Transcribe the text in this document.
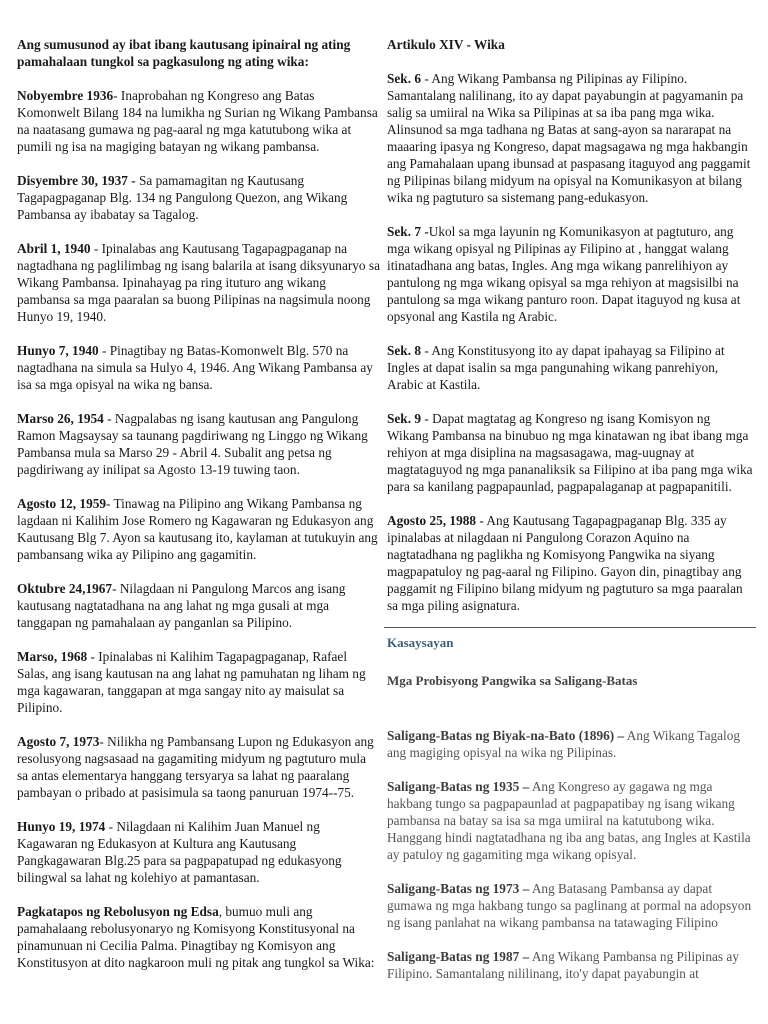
Ang sumusunod ay ibat ibang kautusang ipinairal ng ating pamahalaan tungkol sa pagkasulong ng ating wika:
Nobyembre 1936- Inaprobahan ng Kongreso ang Batas Komonwelt Bilang 184 na lumikha ng Surian ng Wikang Pambansa na naatasang gumawa ng pag-aaral ng mga katutubong wika at pumili ng isa na magiging batayan ng wikang pambansa.
Disyembre 30, 1937 - Sa pamamagitan ng Kautusang Tagapagpaganap Blg. 134 ng Pangulong Quezon, ang Wikang Pambansa ay ibabatay sa Tagalog.
Abril 1, 1940 - Ipinalabas ang Kautusang Tagapagpaganap na nagtadhana ng paglilimbag ng isang balarila at isang diksyunaryo sa Wikang Pambansa. Ipinahayag pa ring ituturo ang wikang pambansa sa mga paaralan sa buong Pilipinas na nagsimula noong Hunyo 19, 1940.
Hunyo 7, 1940 - Pinagtibay ng Batas-Komonwelt Blg. 570 na nagtadhana na simula sa Hulyo 4, 1946. Ang Wikang Pambansa ay isa sa mga opisyal na wika ng bansa.
Marso 26, 1954 - Nagpalabas ng isang kautusan ang Pangulong Ramon Magsaysay sa taunang pagdiriwang ng Linggo ng Wikang Pambansa mula sa Marso 29 - Abril 4. Subalit ang petsa ng pagdiriwang ay inilipat sa Agosto 13-19 tuwing taon.
Agosto 12, 1959- Tinawag na Pilipino ang Wikang Pambansa ng lagdaan ni Kalihim Jose Romero ng Kagawaran ng Edukasyon ang Kautusang Blg 7. Ayon sa kautusang ito, kaylaman at tutukuyin ang pambansang wika ay Pilipino ang gagamitin.
Oktubre 24,1967- Nilagdaan ni Pangulong Marcos ang isang kautusang nagtatadhana na ang lahat ng mga gusali at mga tanggapan ng pamahalaan ay panganlan sa Pilipino.
Marso, 1968 - Ipinalabas ni Kalihim Tagapagpaganap, Rafael Salas, ang isang kautusan na ang lahat ng pamuhatan ng liham ng mga kagawaran, tanggapan at mga sangay nito ay maisulat sa Pilipino.
Agosto 7, 1973- Nilikha ng Pambansang Lupon ng Edukasyon ang resolusyong nagsasaad na gagamiting midyum ng pagtuturo mula sa antas elementarya hanggang tersyarya sa lahat ng paaralang pambayan o pribado at pasisimula sa taong panuruan 1974--75.
Hunyo 19, 1974 - Nilagdaan ni Kalihim Juan Manuel ng Kagawaran ng Edukasyon at Kultura ang Kautusang Pangkagawaran Blg.25 para sa pagpapatupad ng edukasyong bilingwal sa lahat ng kolehiyo at pamantasan.
Pagkatapos ng Rebolusyon ng Edsa, bumuo muli ang pamahalaang rebolusyonaryo ng Komisyong Konstitusyonal na pinamunuan ni Cecilia Palma. Pinagtibay ng Komisyon ang Konstitusyon at dito nagkaroon muli ng pitak ang tungkol sa Wika:
Artikulo XIV - Wika
Sek. 6 - Ang Wikang Pambansa ng Pilipinas ay Filipino. Samantalang nalilinang, ito ay dapat payabungin at pagyamanin pa salig sa umiiral na Wika sa Pilipinas at sa iba pang mga wika. Alinsunod sa mga tadhana ng Batas at sang-ayon sa nararapat na maaaring ipasya ng Kongreso, dapat magsagawa ng mga hakbangin ang Pamahalaan upang ibunsad at paspasang itaguyod ang paggamit ng Pilipinas bilang midyum na opisyal na Komunikasyon at bilang wika ng pagtuturo sa sistemang pang-edukasyon.
Sek. 7 -Ukol sa mga layunin ng Komunikasyon at pagtuturo, ang mga wikang opisyal ng Pilipinas ay Filipino at , hanggat walang itinatadhana ang batas, Ingles. Ang mga wikang panrelihiyon ay pantulong ng mga wikang opisyal sa mga rehiyon at magsisilbi na pantulong sa mga wikang panturo roon. Dapat itaguyod ng kusa at opsyonal ang Kastila ng Arabic.
Sek. 8 - Ang Konstitusyong ito ay dapat ipahayag sa Filipino at Ingles at dapat isalin sa mga pangunahing wikang panrehiyon, Arabic at Kastila.
Sek. 9 - Dapat magtatag ag Kongreso ng isang Komisyon ng Wikang Pambansa na binubuo ng mga kinatawan ng ibat ibang mga rehiyon at mga disiplina na magsasagawa, mag-uugnay at magtataguyod ng mga pananaliksik sa Filipino at iba pang mga wika para sa kanilang pagpapaunlad, pagpapalaganap at pagpapanitili.
Agosto 25, 1988 - Ang Kautusang Tagapagpaganap Blg. 335 ay ipinalabas at nilagdaan ni Pangulong Corazon Aquino na nagtatadhana ng paglikha ng Komisyong Pangwika na siyang magpapatuloy ng pag-aaral ng Filipino. Gayon din, pinagtibay ang paggamit ng Filipino bilang midyum ng pagtuturo sa mga paaralan sa mga piling asignatura.
Kasaysayan
Mga Probisyong Pangwika sa Saligang-Batas
Saligang-Batas ng Biyak-na-Bato (1896) – Ang Wikang Tagalog ang magiging opisyal na wika ng Pilipinas.
Saligang-Batas ng 1935 – Ang Kongreso ay gagawa ng mga hakbang tungo sa pagpapaunlad at pagpapatibay ng isang wikang pambansa na batay sa isa sa mga umiiral na katutubong wika. Hanggang hindi nagtatadhana ng iba ang batas, ang Ingles at Kastila ay patuloy ng gagamiting mga wikang opisyal.
Saligang-Batas ng 1973 – Ang Batasang Pambansa ay dapat gumawa ng mga hakbang tungo sa paglinang at pormal na adopsyon ng isang panlahat na wikang pambansa na tatawaging Filipino
Saligang-Batas ng 1987 – Ang Wikang Pambansa ng Pilipinas ay Filipino. Samantalang nililinang, ito'y dapat payabungin at
